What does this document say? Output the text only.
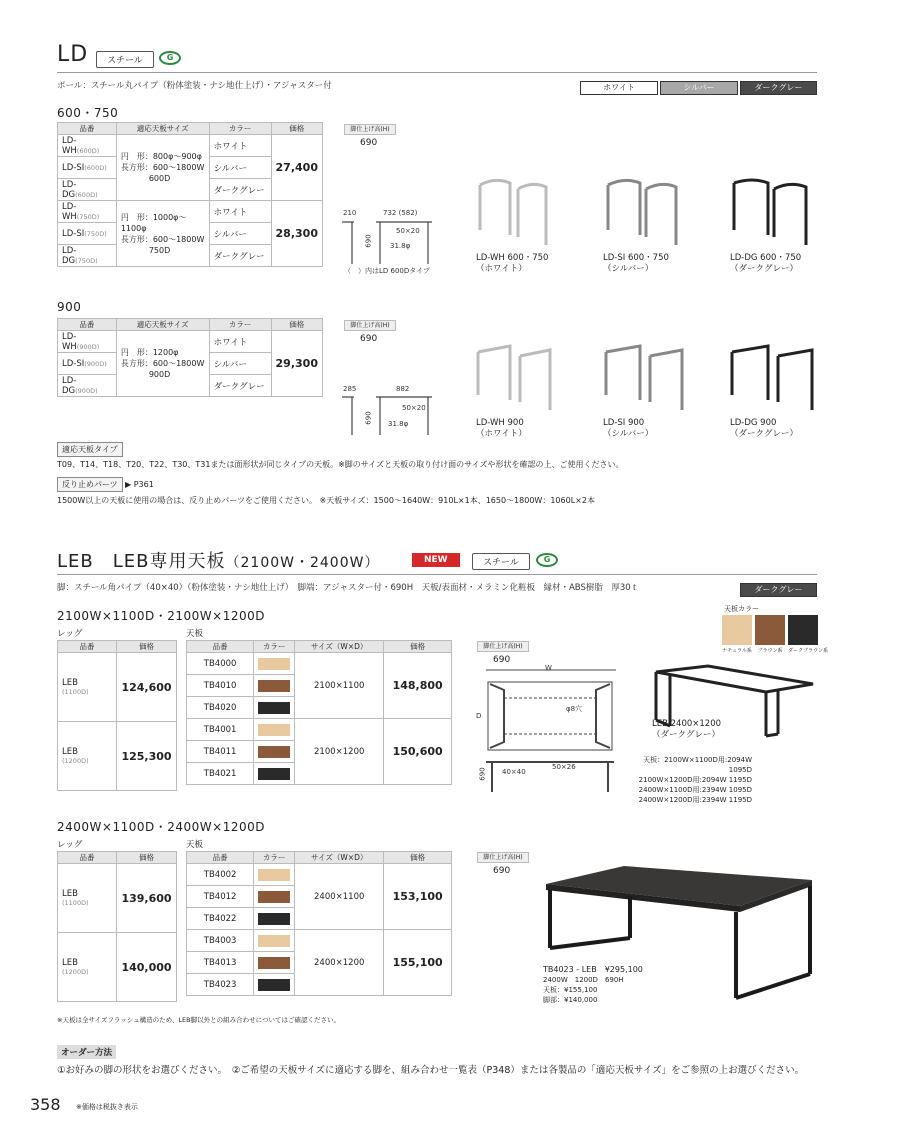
LD	スチール	G
ポール：スチール丸パイプ（粉体塗装・ナシ地仕上げ）・アジャスター付	ホワイト	シルバー	ダークグレー
600・750
品番	適応天板サイズ	カラー	価格
LD-WH(600D)	円　形：800φ～900φ
長方形：600～1800W
600D	ホワイト	27,400
LD-SI(600D)		シルバー	
LD-DG(600D)		ダークグレー	
LD-WH(750D)	円　形：1000φ～1100φ
長方形：600～1800W
750D	ホワイト	28,300
LD-SI(750D)		シルバー	
LD-DG(750D)		ダークグレー	
脚仕上げ高(H)
690
210	732 (582)
50×20
31.8φ
690
（　）内はLD 600Dタイプ
LD-WH 600・750
（ホワイト）
LD-SI 600・750
（シルバー）
LD-DG 600・750
（ダークグレー）
900
品番	適応天板サイズ	カラー	価格
LD-WH(900D)	円　形：1200φ
長方形：600～1800W
900D	ホワイト	29,300
LD-SI(900D)		シルバー	
LD-DG(900D)		ダークグレー	
脚仕上げ高(H)
690
285	882
50×20
31.8φ
690	LD-WH 900
（ホワイト）
LD-SI 900
（シルバー）
LD-DG 900
（ダークグレー）
適応天板タイプ
T09、T14、T18、T20、T22、T30、T31または面形状が同じタイプの天板。※脚のサイズと天板の取り付け面のサイズや形状を確認の上、ご使用ください。
反り止めパーツ ▶ P361
1500W以上の天板に使用の場合は、反り止めパーツをご使用ください。 ※天板サイズ：1500～1640W：910L×1本、1650～1800W：1060L×2本
LEB　LEB専用天板（2100W・2400W）	NEW	スチール	G
脚：スチール角パイプ（40×40）（粉体塗装・ナシ地仕上げ）　脚端：アジャスター付・690H　天板/表面材・メラミン化粧板　縁材・ABS樹脂　厚30ｔ	ダークグレー
天板カラー
ナチュラル系	ブラウン系	ダークブラウン系
2100W×1100D・2100W×1200D
レッグ	天板
品番	価格

LEB
(1100D)	124,600

LEB
(1200D)	125,300
品番	カラー	サイズ（W×D）	価格
TB4000		2100×1100	148,800
TB4010			
TB4020			
TB4001		2100×1200	150,600
TB4011			
TB4021			
脚仕上げ高(H)
690
W
D
φ8穴
50×26
40×40
690
LEB 2400×1200
（ダークグレー）
天板：2100W×1100D用:2094W 1095D
2100W×1200D用:2094W 1195D
2400W×1100D用:2394W 1095D
2400W×1200D用:2394W 1195D
2400W×1100D・2400W×1200D
レッグ	天板
品番	価格

LEB
(1100D)	139,600

LEB
(1200D)	140,000
品番	カラー	サイズ（W×D）	価格
TB4002		2400×1100	153,100
TB4012			
TB4022			
TB4003		2400×1200	155,100
TB4013			
TB4023			
脚仕上げ高(H)
690
TB4023 - LEB　¥295,100
2400W　1200D　690H
天板：¥155,100
脚部：¥140,000
※天板は全サイズフラッシュ構造のため、LEB脚以外との組み合わせについてはご確認ください。
オーダー方法
①お好みの脚の形状をお選びください。　②ご希望の天板サイズに適応する脚を、組み合わせ一覧表（P348）または各製品の「適応天板サイズ」をご参照の上お選びください。
358 ※価格は税抜き表示
